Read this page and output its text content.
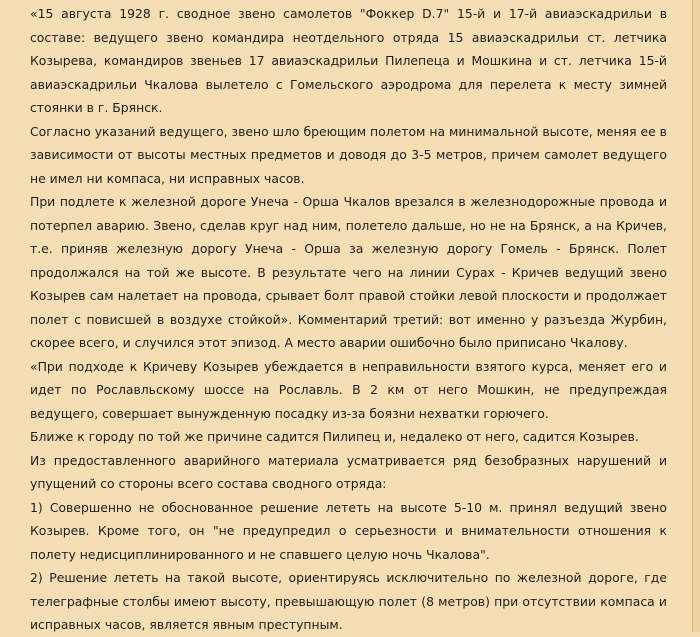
«15 августа 1928 г. сводное звено самолетов "Фоккер D.7" 15-й и 17-й авиаэскадрильи в составе: ведущего звено командира неотдельного отряда 15 авиаэскадрильи ст. летчика Козырева, командиров звеньев 17 авиаэскадрильи Пилепеца и Мошкина и ст. летчика 15-й авиаэскадрильи Чкалова вылетело с Гомельского аэродрома для перелета к месту зимней стоянки в г. Брянск.

Согласно указаний ведущего, звено шло бреющим полетом на минимальной высоте, меняя ее в зависимости от высоты местных предметов и доводя до 3-5 метров, причем самолет ведущего не имел ни компаса, ни исправных часов.

При подлете к железной дороге Унеча - Орша Чкалов врезался в железнодорожные провода и потерпел аварию. Звено, сделав круг над ним, полетело дальше, но не на Брянск, а на Кричев, т.е. приняв железную дорогу Унеча - Орша за железную дорогу Гомель - Брянск. Полет продолжался на той же высоте. В результате чего на линии Сурах - Кричев ведущий звено Козырев сам налетает на провода, срывает болт правой стойки левой плоскости и продолжает полет с повисшей в воздухе стойкой». Комментарий третий: вот именно у разъезда Журбин, скорее всего, и случился этот эпизод. А место аварии ошибочно было приписано Чкалову.

«При подходе к Кричеву Козырев убеждается в неправильности взятого курса, меняет его и идет по Рославльскому шоссе на Рославль. В 2 км от него Мошкин, не предупреждая ведущего, совершает вынужденную посадку из-за боязни нехватки горючего.

Ближе к городу по той же причине садится Пилипец и, недалеко от него, садится Козырев.

Из предоставленного аварийного материала усматривается ряд безобразных нарушений и упущений со стороны всего состава сводного отряда:

1) Совершенно не обоснованное решение лететь на высоте 5-10 м. принял ведущий звено Козырев. Кроме того, он "не предупредил о серьезности и внимательности отношения к полету недисциплинированного и не спавшего целую ночь Чкалова".

2) Решение лететь на такой высоте, ориентируясь исключительно по железной дороге, где телеграфные столбы имеют высоту, превышающую полет (8 метров) при отсутствии компаса и исправных часов, является явным преступным.
